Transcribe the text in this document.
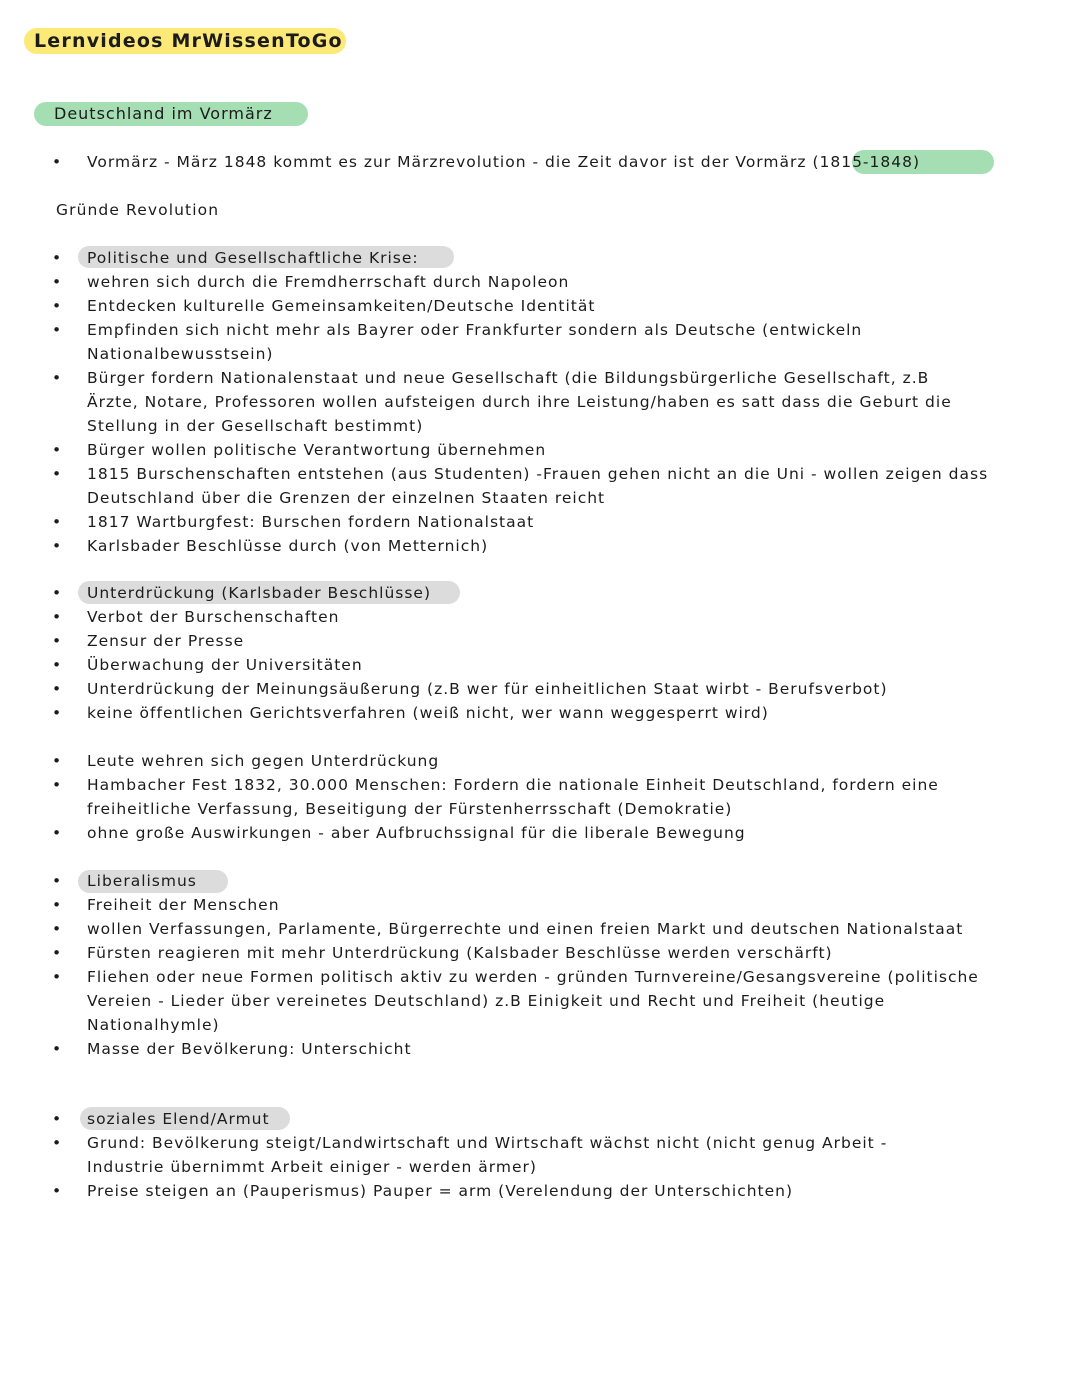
Lernvideos MrWissenToGo
Deutschland im Vormärz
•	Vormärz - März 1848 kommt es zur Märzrevolution - die Zeit davor ist der Vormärz (1815-1848)
Gründe Revolution
•	Politische und Gesellschaftliche Krise:
•	wehren sich durch die Fremdherrschaft durch Napoleon
•	Entdecken kulturelle Gemeinsamkeiten/Deutsche Identität
•	Empfinden sich nicht mehr als Bayrer oder Frankfurter sondern als Deutsche (entwickeln
Nationalbewusstsein)
•	Bürger fordern Nationalenstaat und neue Gesellschaft (die Bildungsbürgerliche Gesellschaft, z.B
Ärzte, Notare, Professoren wollen aufsteigen durch ihre Leistung/haben es satt dass die Geburt die
Stellung in der Gesellschaft bestimmt)
•	Bürger wollen politische Verantwortung übernehmen
•	1815 Burschenschaften entstehen (aus Studenten) -Frauen gehen nicht an die Uni - wollen zeigen dass
Deutschland über die Grenzen der einzelnen Staaten reicht
•	1817 Wartburgfest: Burschen fordern Nationalstaat
•	Karlsbader Beschlüsse durch (von Metternich)
•	Unterdrückung (Karlsbader Beschlüsse)
•	Verbot der Burschenschaften
•	Zensur der Presse
•	Überwachung der Universitäten
•	Unterdrückung der Meinungsäußerung (z.B wer für einheitlichen Staat wirbt - Berufsverbot)
•	keine öffentlichen Gerichtsverfahren (weiß nicht, wer wann weggesperrt wird)
•	Leute wehren sich gegen Unterdrückung
•	Hambacher Fest 1832, 30.000 Menschen: Fordern die nationale Einheit Deutschland, fordern eine
freiheitliche Verfassung, Beseitigung der Fürstenherrsschaft (Demokratie)
•	ohne große Auswirkungen - aber Aufbruchssignal für die liberale Bewegung
•	Liberalismus
•	Freiheit der Menschen
•	wollen Verfassungen, Parlamente, Bürgerrechte und einen freien Markt und deutschen Nationalstaat
•	Fürsten reagieren mit mehr Unterdrückung (Kalsbader Beschlüsse werden verschärft)
•	Fliehen oder neue Formen politisch aktiv zu werden - gründen Turnvereine/Gesangsvereine (politische
Vereien - Lieder über vereinetes Deutschland) z.B Einigkeit und Recht und Freiheit (heutige
Nationalhymle)
•	Masse der Bevölkerung: Unterschicht
•	soziales Elend/Armut
•	Grund: Bevölkerung steigt/Landwirtschaft und Wirtschaft wächst nicht (nicht genug Arbeit -
Industrie übernimmt Arbeit einiger - werden ärmer)
•	Preise steigen an (Pauperismus) Pauper = arm (Verelendung der Unterschichten)
